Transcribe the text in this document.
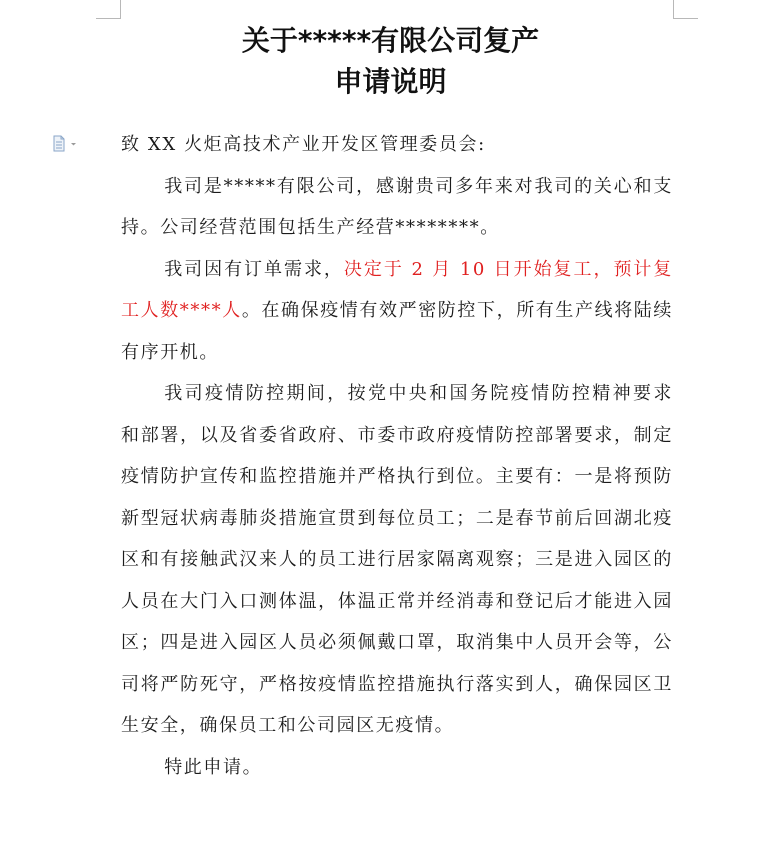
关于*****有限公司复产
申请说明

致 XX 火炬高技术产业开发区管理委员会:

我司是*****有限公司，感谢贵司多年来对我司的关心和支持。公司经营范围包括生产经营********。

我司因有订单需求，决定于 2 月 10 日开始复工，预计复工人数****人。在确保疫情有效严密防控下，所有生产线将陆续有序开机。

我司疫情防控期间，按党中央和国务院疫情防控精神要求和部署，以及省委省政府、市委市政府疫情防控部署要求，制定疫情防护宣传和监控措施并严格执行到位。主要有：一是将预防新型冠状病毒肺炎措施宣贯到每位员工；二是春节前后回湖北疫区和有接触武汉来人的员工进行居家隔离观察；三是进入园区的人员在大门入口测体温，体温正常并经消毒和登记后才能进入园区；四是进入园区人员必须佩戴口罩，取消集中人员开会等，公司将严防死守，严格按疫情监控措施执行落实到人，确保园区卫生安全，确保员工和公司园区无疫情。

特此申请。
